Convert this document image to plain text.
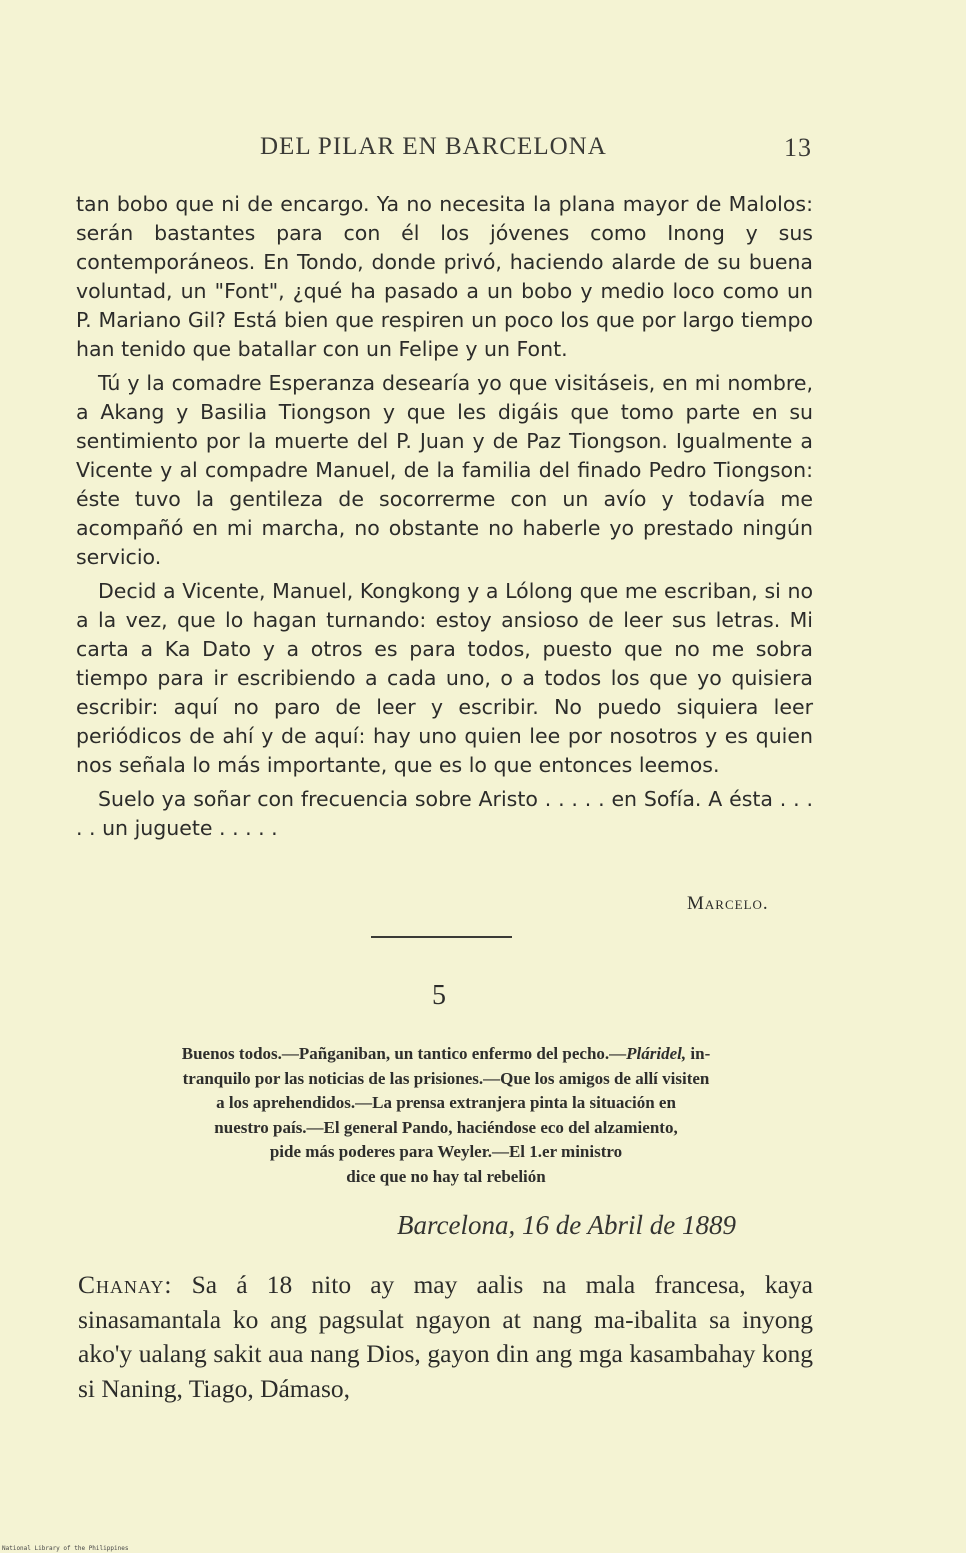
DEL PILAR EN BARCELONA	13

tan bobo que ni de encargo. Ya no necesita la plana mayor de Malolos: serán bastantes para con él los jóvenes como Inong y sus contemporáneos. En Tondo, donde privó, haciendo alarde de su buena voluntad, un "Font", ¿qué ha pasado a un bobo y medio loco como un P. Mariano Gil? Está bien que respiren un poco los que por largo tiempo han tenido que batallar con un Felipe y un Font.

Tú y la comadre Esperanza desearía yo que visitáseis, en mi nombre, a Akang y Basilia Tiongson y que les digáis que tomo parte en su sentimiento por la muerte del P. Juan y de Paz Tiongson. Igualmente a Vicente y al compadre Manuel, de la familia del finado Pedro Tiongson: éste tuvo la gentileza de socorrerme con un avío y todavía me acompañó en mi marcha, no obstante no haberle yo prestado ningún servicio.

Decid a Vicente, Manuel, Kongkong y a Lólong que me escriban, si no a la vez, que lo hagan turnando: estoy ansioso de leer sus letras. Mi carta a Ka Dato y a otros es para todos, puesto que no me sobra tiempo para ir escribiendo a cada uno, o a todos los que yo quisiera escribir: aquí no paro de leer y escribir. No puedo siquiera leer periódicos de ahí y de aquí: hay uno quien lee por nosotros y es quien nos señala lo más importante, que es lo que entonces leemos.

Suelo ya soñar con frecuencia sobre Aristo . . . . . en Sofía. A ésta . . . . . un juguete . . . . .

Marcelo.
5
Buenos todos.—Pañganiban, un tantico enfermo del pecho.—Pláridel, in-
tranquilo por las noticias de las prisiones.—Que los amigos de allí visiten
a los aprehendidos.—La prensa extranjera pinta la situación en
nuestro país.—El general Pando, haciéndose eco del alzamiento,
pide más poderes para Weyler.—El 1.er ministro
dice que no hay tal rebelión
Barcelona, 16 de Abril de 1889
Chanay: Sa á 18 nito ay may aalis na mala francesa, kaya sinasamantala ko ang pagsulat ngayon at nang ma-ibalita sa inyong ako'y ualang sakit aua nang Dios, gayon din ang mga kasambahay kong si Naning, Tiago, Dámaso,
National Library of the Philippines
